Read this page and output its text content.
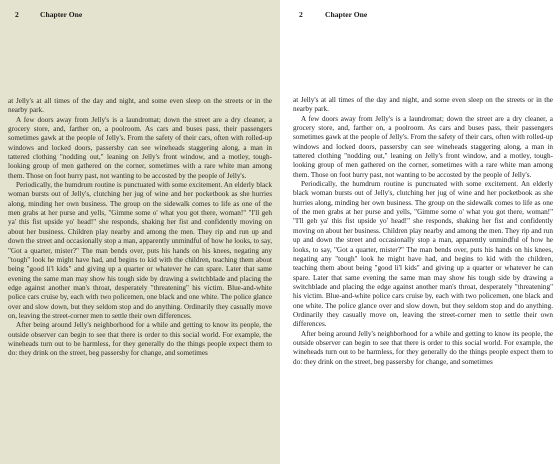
2	Chapter One

at Jelly's at all times of the day and night, and some even sleep on the streets or in the nearby park.

A few doors away from Jelly's is a laundromat; down the street are a dry cleaner, a grocery store, and, farther on, a poolroom. As cars and buses pass, their passengers sometimes gawk at the people of Jelly's. From the safety of their cars, often with rolled-up windows and locked doors, passersby can see wineheads staggering along, a man in tattered clothing "nodding out," leaning on Jelly's front window, and a motley, tough-looking group of men gathered on the corner, sometimes with a rare white man among them. Those on foot hurry past, not wanting to be accosted by the people of Jelly's.

Periodically, the humdrum routine is punctuated with some excitement. An elderly black woman bursts out of Jelly's, clutching her jug of wine and her pocketbook as she hurries along, minding her own business. The group on the sidewalk comes to life as one of the men grabs at her purse and yells, "Gimme some o' what you got there, woman!" "I'll geh ya' this fist upside yo' head!" she responds, shaking her fist and confidently moving on about her business. Children play nearby and among the men. They rip and run up and down the street and occasionally stop a man, apparently unmindful of how he looks, to say, "Got a quarter, mister?" The man bends over, puts his hands on his knees, negating any "tough" look he might have had, and begins to kid with the children, teaching them about being "good li'l kids" and giving up a quarter or whatever he can spare. Later that same evening the same man may show his tough side by drawing a switchblade and placing the edge against another man's throat, desperately "threatening" his victim. Blue-and-white police cars cruise by, each with two policemen, one black and one white. The police glance over and slow down, but they seldom stop and do anything. Ordinarily they casually move on, leaving the street-corner men to settle their own differences.

After being around Jelly's neighborhood for a while and getting to know its people, the outside observer can begin to see that there is order to this social world. For example, the wineheads turn out to be harmless, for they generally do the things people expect them to do: they drink on the street, beg passersby for change, and sometimes

2	Chapter One

at Jelly's at all times of the day and night, and some even sleep on the streets or in the nearby park.

A few doors away from Jelly's is a laundromat; down the street are a dry cleaner, a grocery store, and, farther on, a poolroom. As cars and buses pass, their passengers sometimes gawk at the people of Jelly's. From the safety of their cars, often with rolled-up windows and locked doors, passersby can see wineheads staggering along, a man in tattered clothing "nodding out," leaning on Jelly's front window, and a motley, tough-looking group of men gathered on the corner, sometimes with a rare white man among them. Those on foot hurry past, not wanting to be accosted by the people of Jelly's.

Periodically, the humdrum routine is punctuated with some excitement. An elderly black woman bursts out of Jelly's, clutching her jug of wine and her pocketbook as she hurries along, minding her own business. The group on the sidewalk comes to life as one of the men grabs at her purse and yells, "Gimme some o' what you got there, woman!" "I'll geh ya' this fist upside yo' head!" she responds, shaking her fist and confidently moving on about her business. Children play nearby and among the men. They rip and run up and down the street and occasionally stop a man, apparently unmindful of how he looks, to say, "Got a quarter, mister?" The man bends over, puts his hands on his knees, negating any "tough" look he might have had, and begins to kid with the children, teaching them about being "good li'l kids" and giving up a quarter or whatever he can spare. Later that same evening the same man may show his tough side by drawing a switchblade and placing the edge against another man's throat, desperately "threatening" his victim. Blue-and-white police cars cruise by, each with two policemen, one black and one white. The police glance over and slow down, but they seldom stop and do anything. Ordinarily they casually move on, leaving the street-corner men to settle their own differences.

After being around Jelly's neighborhood for a while and getting to know its people, the outside observer can begin to see that there is order to this social world. For example, the wineheads turn out to be harmless, for they generally do the things people expect them to do: they drink on the street, beg passersby for change, and sometimes
